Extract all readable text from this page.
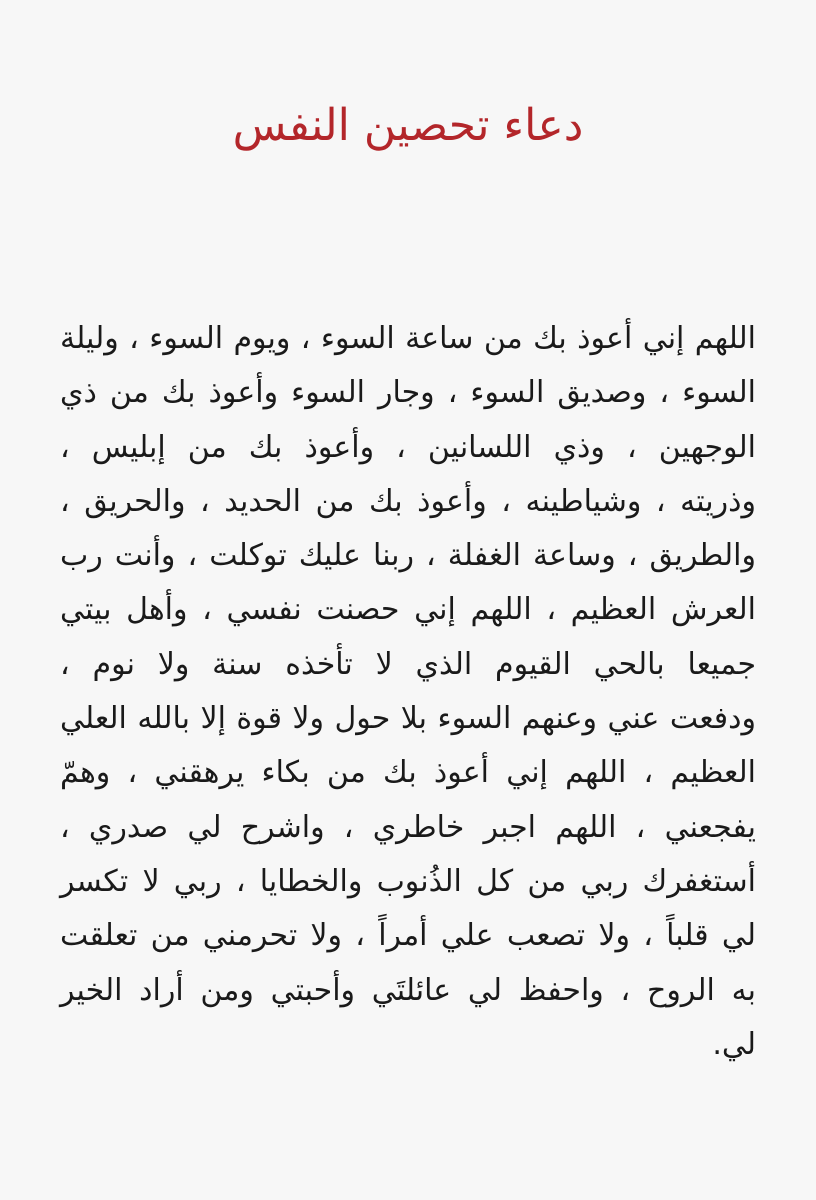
دعاء تحصين النفس
اللهم إني أعوذ بك من ساعة السوء ، ويوم السوء ، وليلة
السوء ، وصديق السوء ، وجار السوء وأعوذ بك من ذي
الوجهين ، وذي اللسانين ، وأعوذ بك من إبليس ،
وذريته ، وشياطينه ، وأعوذ بك من الحديد ، والحريق ،
والطريق ، وساعة الغفلة ، ربنا عليك توكلت ، وأنت رب
العرش العظيم ، اللهم إني حصنت نفسي ، وأهل بيتي
جميعا بالحي القيوم الذي لا تأخذه سنة ولا نوم ،
ودفعت عني وعنهم السوء بلا حول ولا قوة إلا بالله العلي
العظيم ، اللهم إني أعوذ بك من بكاء يرهقني ، وهمّ
يفجعني ، اللهم اجبر خاطري ، واشرح لي صدري ،
أستغفرك ربي من كل الذُنوب والخطايا ، ربي لا تكسر
لي قلباً ، ولا تصعب علي أمراً ، ولا تحرمني من تعلقت
به الروح ، واحفظ لي عائلتَي وأحبتي ومن أراد الخير
لي.
